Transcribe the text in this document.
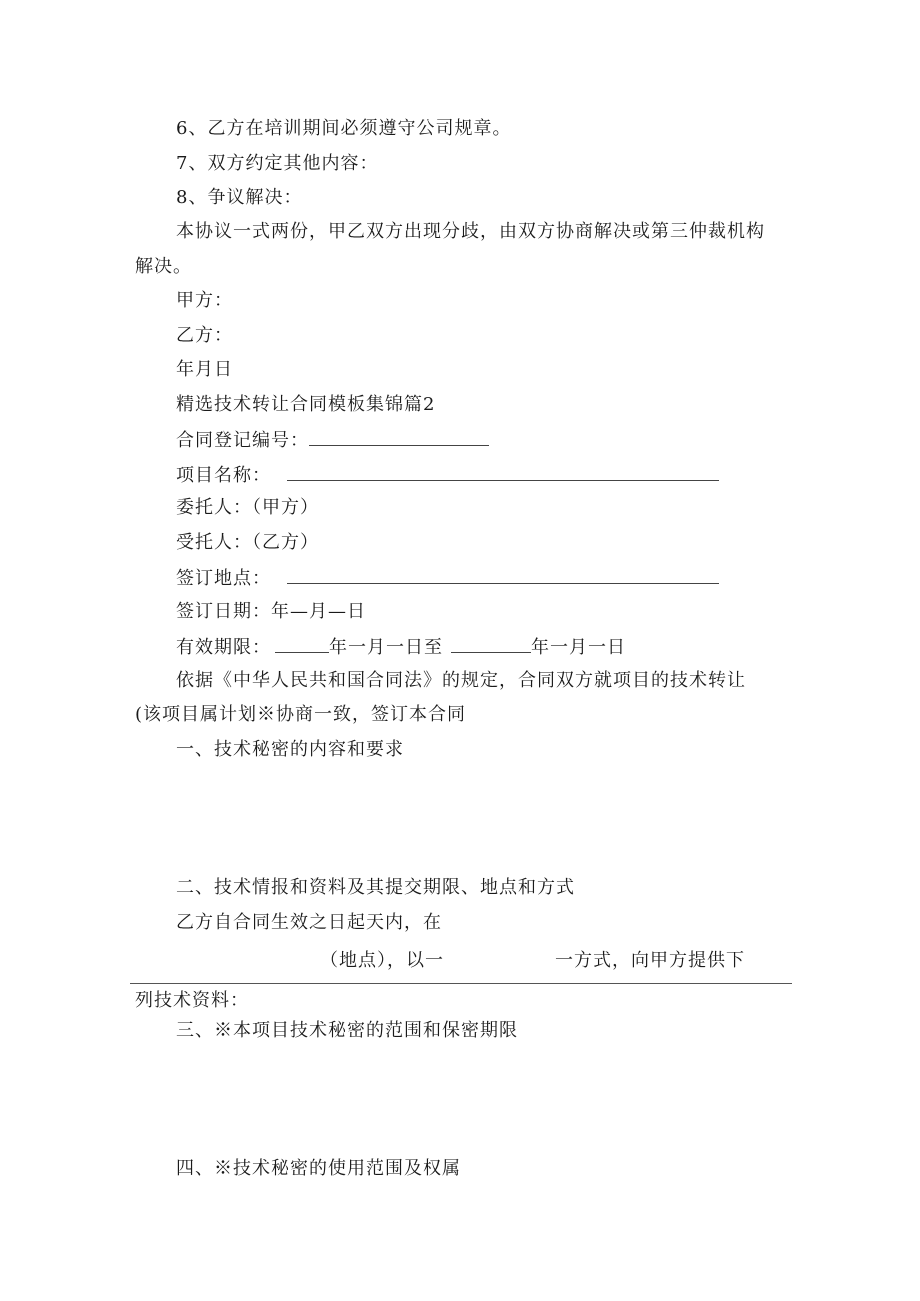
6、乙方在培训期间必须遵守公司规章。
7、双方约定其他内容：
8、争议解决：
本协议一式两份，甲乙双方出现分歧，由双方协商解决或第三仲裁机构
解决。
甲方：
乙方：
年月日
精选技术转让合同模板集锦篇2
合同登记编号：
项目名称：
委托人：（甲方）
受托人：（乙方）
签订地点：
签订日期：年—月—日
有效期限：	年一月一日至	年一月一日
依据《中华人民共和国合同法》的规定，合同双方就项目的技术转让
(该项目属计划※协商一致，签订本合同
一、技术秘密的内容和要求
二、技术情报和资料及其提交期限、地点和方式
乙方自合同生效之日起天内，在
（地点），以一	一方式，向甲方提供下
列技术资料：
三、※本项目技术秘密的范围和保密期限
四、※技术秘密的使用范围及权属
